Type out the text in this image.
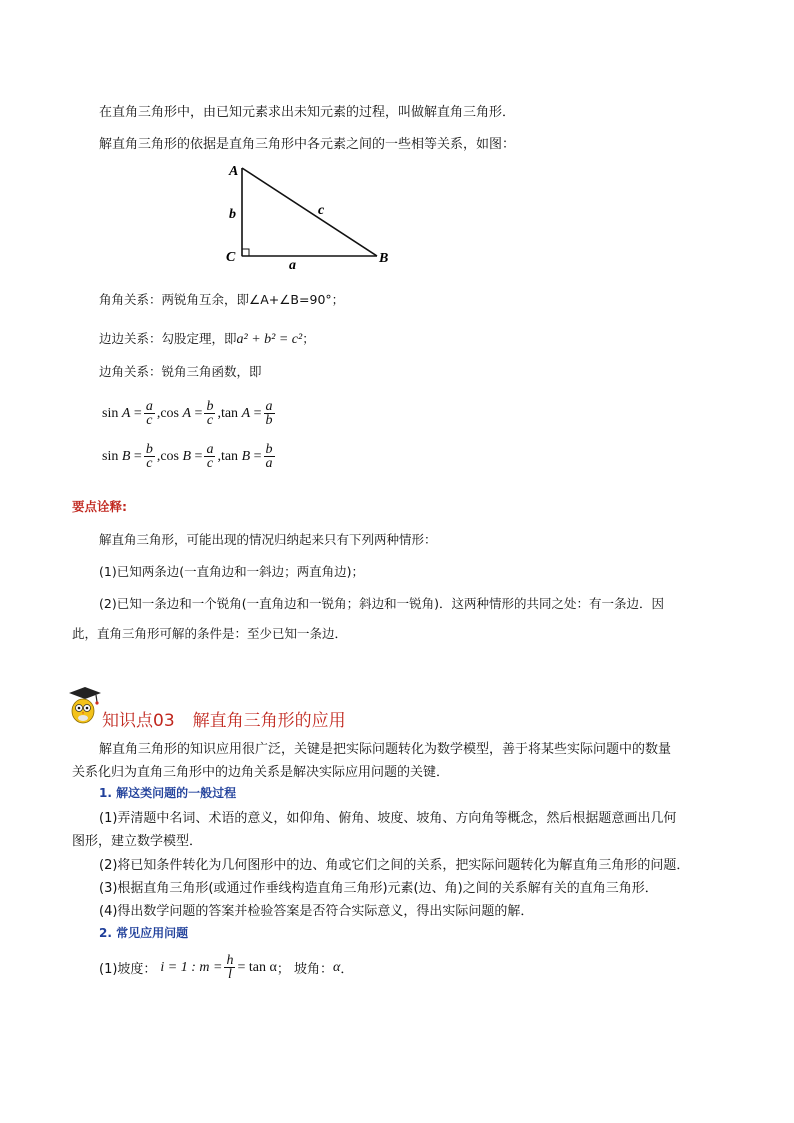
在直角三角形中，由已知元素求出未知元素的过程，叫做解直角三角形．
解直角三角形的依据是直角三角形中各元素之间的一些相等关系，如图：
A
B
C
a
b	c
角角关系：两锐角互余，即∠A+∠B=90°；
边边关系：勾股定理，即a² + b² = c²；
边角关系：锐角三角函数，即
$\sin A = \frac{a}{c}$ , $\cos A = \frac{b}{c}$ , $\tan A = \frac{a}{b}$
$\sin B = \frac{b}{c}$ , $\cos B = \frac{a}{c}$ , $\tan B = \frac{b}{a}$
要点诠释:
解直角三角形，可能出现的情况归纳起来只有下列两种情形：
(1)已知两条边(一直角边和一斜边；两直角边)；
(2)已知一条边和一个锐角(一直角边和一锐角；斜边和一锐角)．这两种情形的共同之处：有一条边．因
此，直角三角形可解的条件是：至少已知一条边．
知识点03 解直角三角形的应用
解直角三角形的知识应用很广泛，关键是把实际问题转化为数学模型，善于将某些实际问题中的数量
关系化归为直角三角形中的边角关系是解决实际应用问题的关键．
1. 解这类问题的一般过程
(1)弄清题中名词、术语的意义，如仰角、俯角、坡度、坡角、方向角等概念，然后根据题意画出几何
图形，建立数学模型．
(2)将已知条件转化为几何图形中的边、角或它们之间的关系，把实际问题转化为解直角三角形的问题．
(3)根据直角三角形(或通过作垂线构造直角三角形)元素(边、角)之间的关系解有关的直角三角形．
(4)得出数学问题的答案并检验答案是否符合实际意义，得出实际问题的解．
2. 常见应用问题
(1)坡度： i = 1 : $m = \frac{h}{l} = \tan \alpha$ ； 坡角： α ．
